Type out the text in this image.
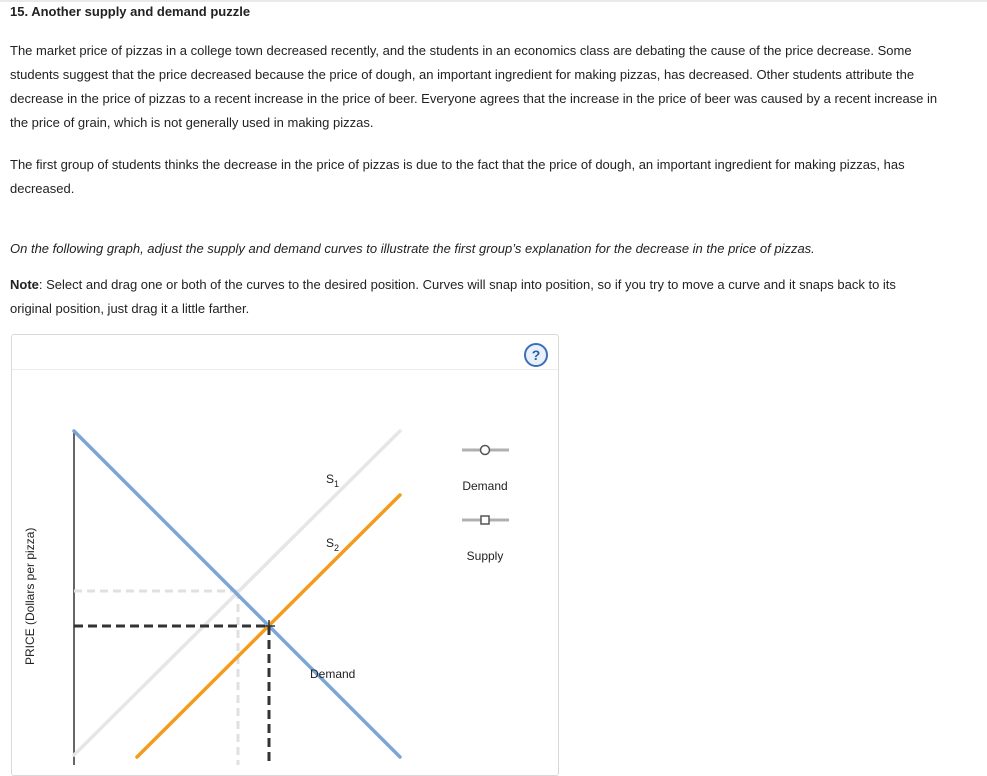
15. Another supply and demand puzzle

The market price of pizzas in a college town decreased recently, and the students in an economics class are debating the cause of the price decrease. Some students suggest that the price decreased because the price of dough, an important ingredient for making pizzas, has decreased. Other students attribute the decrease in the price of pizzas to a recent increase in the price of beer. Everyone agrees that the increase in the price of beer was caused by a recent increase in the price of grain, which is not generally used in making pizzas.

The first group of students thinks the decrease in the price of pizzas is due to the fact that the price of dough, an important ingredient for making pizzas, has decreased.

On the following graph, adjust the supply and demand curves to illustrate the first group’s explanation for the decrease in the price of pizzas.

Note: Select and drag one or both of the curves to the desired position. Curves will snap into position, so if you try to move a curve and it snaps back to its original position, just drag it a little farther.

?
PRICE (Dollars per pizza)
$S_1$
$S_2$
Demand
Demand
Supply
